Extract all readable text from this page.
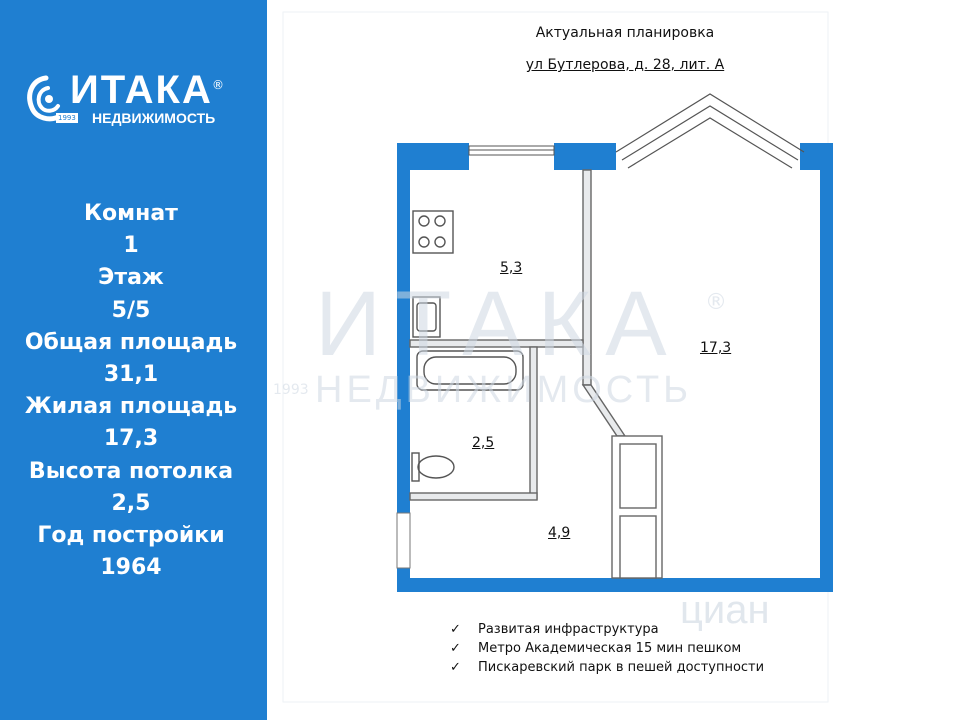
ИТАКА ®
1993 НЕДВИЖИМОСТЬ
Комнат
1
Этаж
5/5
Общая площадь
31,1
Жилая площадь
17,3
Высота потолка
2,5
Год постройки
1964
Актуальная планировка
ул Бутлерова, д. 28, лит. А
5,3
17,3
2,5
4,9
1993
ИТАКА ®
НЕДВИЖИМОСТЬ
циан
✓ Развитая инфраструктура
✓ Метро Академическая 15 мин пешком
✓ Пискаревский парк в пешей доступности
